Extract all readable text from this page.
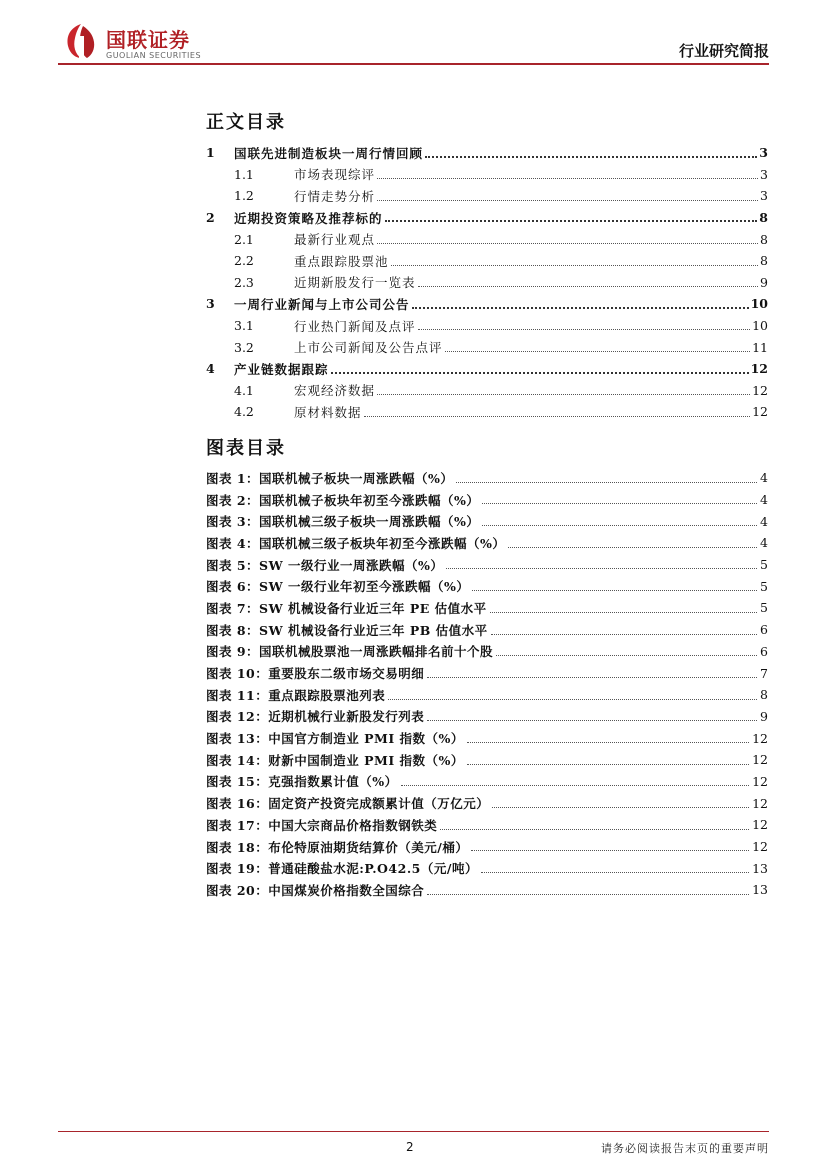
国联证券
GUOLIAN SECURITIES	行业研究简报
正文目录
1	国联先进制造板块一周行情回顾	3
1.1	市场表现综评	3
1.2	行情走势分析	3
2	近期投资策略及推荐标的	8
2.1	最新行业观点	8
2.2	重点跟踪股票池	8
2.3	近期新股发行一览表	9
3	一周行业新闻与上市公司公告	10
3.1	行业热门新闻及点评	10
3.2	上市公司新闻及公告点评	11
4	产业链数据跟踪	12
4.1	宏观经济数据	12
4.2	原材料数据	12
图表目录
图表 1：国联机械子板块一周涨跌幅（%）	4
图表 2：国联机械子板块年初至今涨跌幅（%）	4
图表 3：国联机械三级子板块一周涨跌幅（%）	4
图表 4：国联机械三级子板块年初至今涨跌幅（%）	4
图表 5：SW 一级行业一周涨跌幅（%）	5
图表 6：SW 一级行业年初至今涨跌幅（%）	5
图表 7：SW 机械设备行业近三年 PE 估值水平	5
图表 8：SW 机械设备行业近三年 PB 估值水平	6
图表 9：国联机械股票池一周涨跌幅排名前十个股	6
图表 10：重要股东二级市场交易明细	7
图表 11：重点跟踪股票池列表	8
图表 12：近期机械行业新股发行列表	9
图表 13：中国官方制造业 PMI 指数（%）	12
图表 14：财新中国制造业 PMI 指数（%）	12
图表 15：克强指数累计值（%）	12
图表 16：固定资产投资完成额累计值（万亿元）	12
图表 17：中国大宗商品价格指数钢铁类	12
图表 18：布伦特原油期货结算价（美元/桶）	12
图表 19：普通硅酸盐水泥:P.O42.5（元/吨）	13
图表 20：中国煤炭价格指数全国综合	13
2	请务必阅读报告末页的重要声明
